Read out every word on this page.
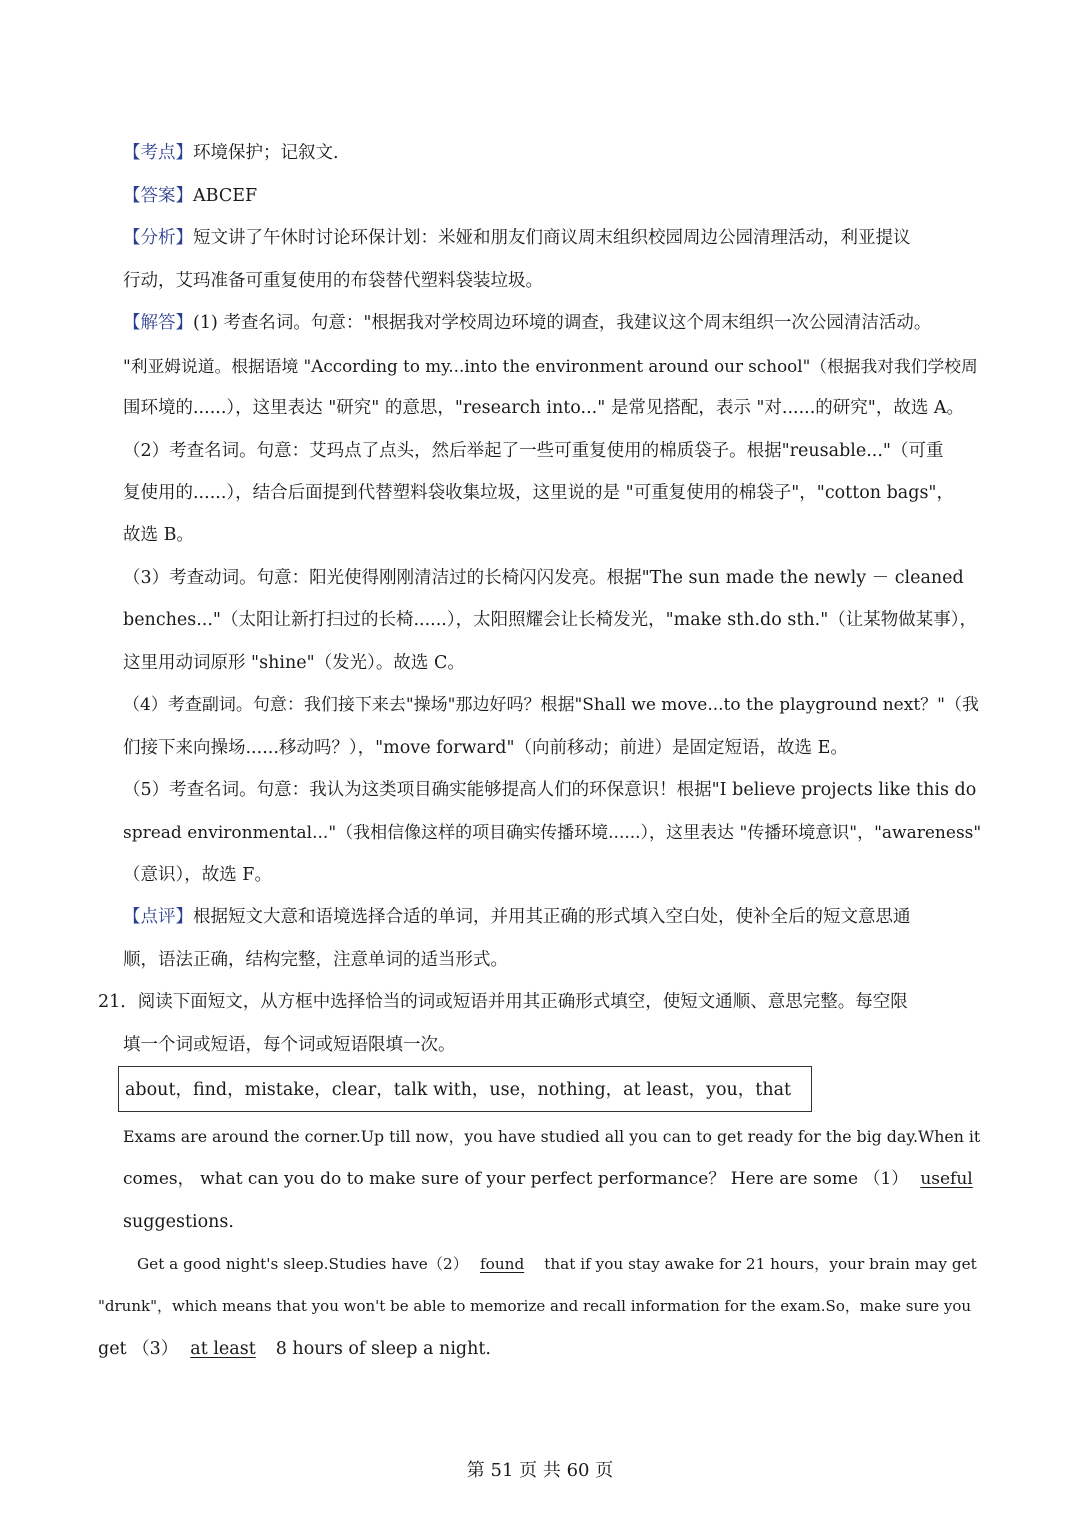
【考点】环境保护；记叙文.
【答案】ABCEF
【分析】短文讲了午休时讨论环保计划：米娅和朋友们商议周末组织校园周边公园清理活动，利亚提议
行动，艾玛准备可重复使用的布袋替代塑料袋装垃圾。
【解答】(1) 考查名词。句意："根据我对学校周边环境的调查，我建议这个周末组织一次公园清洁活动。
"利亚姆说道。根据语境 "According to my...into the environment around our school"（根据我对我们学校周
围环境的......），这里表达 "研究" 的意思，"research into..." 是常见搭配，表示 "对......的研究"，故选 A。
（2）考查名词。句意：艾玛点了点头，然后举起了一些可重复使用的棉质袋子。根据"reusable..."（可重
复使用的......），结合后面提到代替塑料袋收集垃圾，这里说的是 "可重复使用的棉袋子"，"cotton bags"，
故选 B。
（3）考查动词。句意：阳光使得刚刚清洁过的长椅闪闪发亮。根据"The sun made the newly － cleaned
benches..."（太阳让新打扫过的长椅......），太阳照耀会让长椅发光，"make sth.do sth."（让某物做某事），
这里用动词原形 "shine"（发光）。故选 C。
（4）考查副词。句意：我们接下来去"操场"那边好吗？根据"Shall we move...to the playground next？"（我
们接下来向操场......移动吗？），"move forward"（向前移动；前进）是固定短语，故选 E。
（5）考查名词。句意：我认为这类项目确实能够提高人们的环保意识！根据"I believe projects like this do
spread environmental..."（我相信像这样的项目确实传播环境......），这里表达 "传播环境意识"，"awareness"
（意识），故选 F。
【点评】根据短文大意和语境选择合适的单词，并用其正确的形式填入空白处，使补全后的短文意思通
顺，语法正确，结构完整，注意单词的适当形式。
21．阅读下面短文，从方框中选择恰当的词或短语并用其正确形式填空，使短文通顺、意思完整。每空限
填一个词或短语，每个词或短语限填一次。
about，find，mistake，clear，talk with，use，nothing，at least，you，that
Exams are around the corner.Up till now，you have studied all you can to get ready for the big day.When it
comes， what can you do to make sure of your perfect performance？ Here are some （1） useful
suggestions.
Get a good night's sleep.Studies have（2） found that if you stay awake for 21 hours，your brain may get
"drunk"，which means that you won't be able to memorize and recall information for the exam.So，make sure you
get （3） at least 8 hours of sleep a night.
第 51 页 共 60 页
